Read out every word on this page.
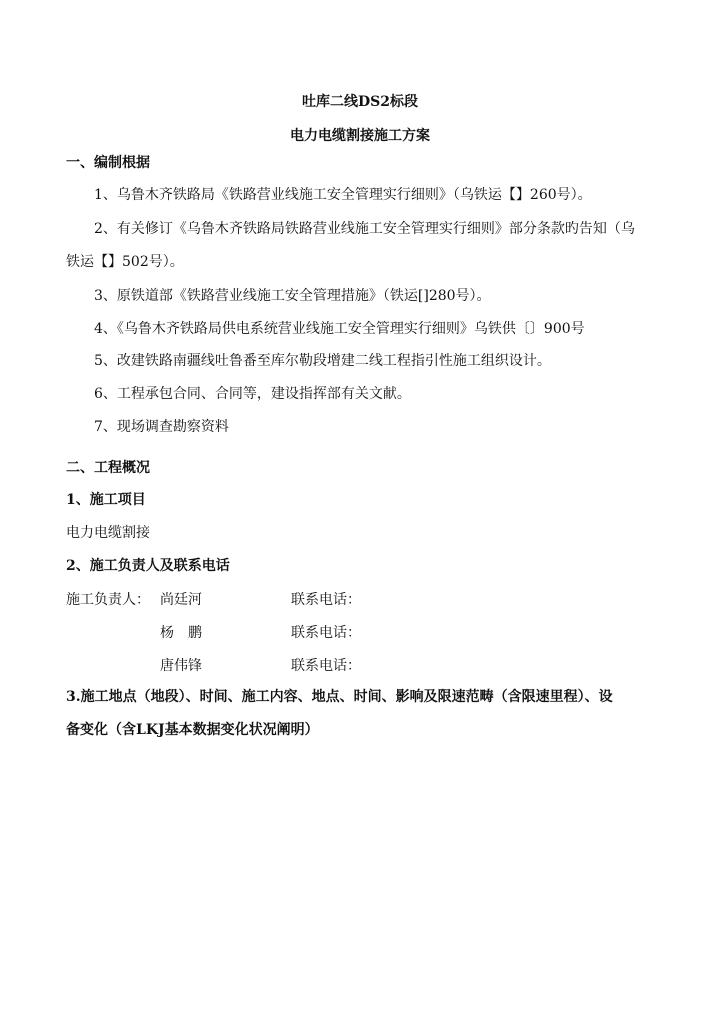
吐库二线DS2标段
电力电缆割接施工方案
一、编制根据
1、乌鲁木齐铁路局《铁路营业线施工安全管理实行细则》（乌铁运【】260号）。
2、有关修订《乌鲁木齐铁路局铁路营业线施工安全管理实行细则》部分条款旳告知（乌
铁运【】502号）。
3、原铁道部《铁路营业线施工安全管理措施》（铁运[]280号）。
4、《乌鲁木齐铁路局供电系统营业线施工安全管理实行细则》乌铁供〔〕900号
5、改建铁路南疆线吐鲁番至库尔勒段增建二线工程指引性施工组织设计。
6、工程承包合同、合同等，建设指挥部有关文献。
7、现场调查勘察资料
二、工程概况
1、施工项目
电力电缆割接
2、施工负责人及联系电话
施工负责人： 尚廷河	联系电话：
杨　鹏	联系电话：
唐伟锋	联系电话：
3.施工地点（地段）、时间、施工内容、地点、时间、影响及限速范畴（含限速里程）、设
备变化（含LKJ基本数据变化状况阐明）
